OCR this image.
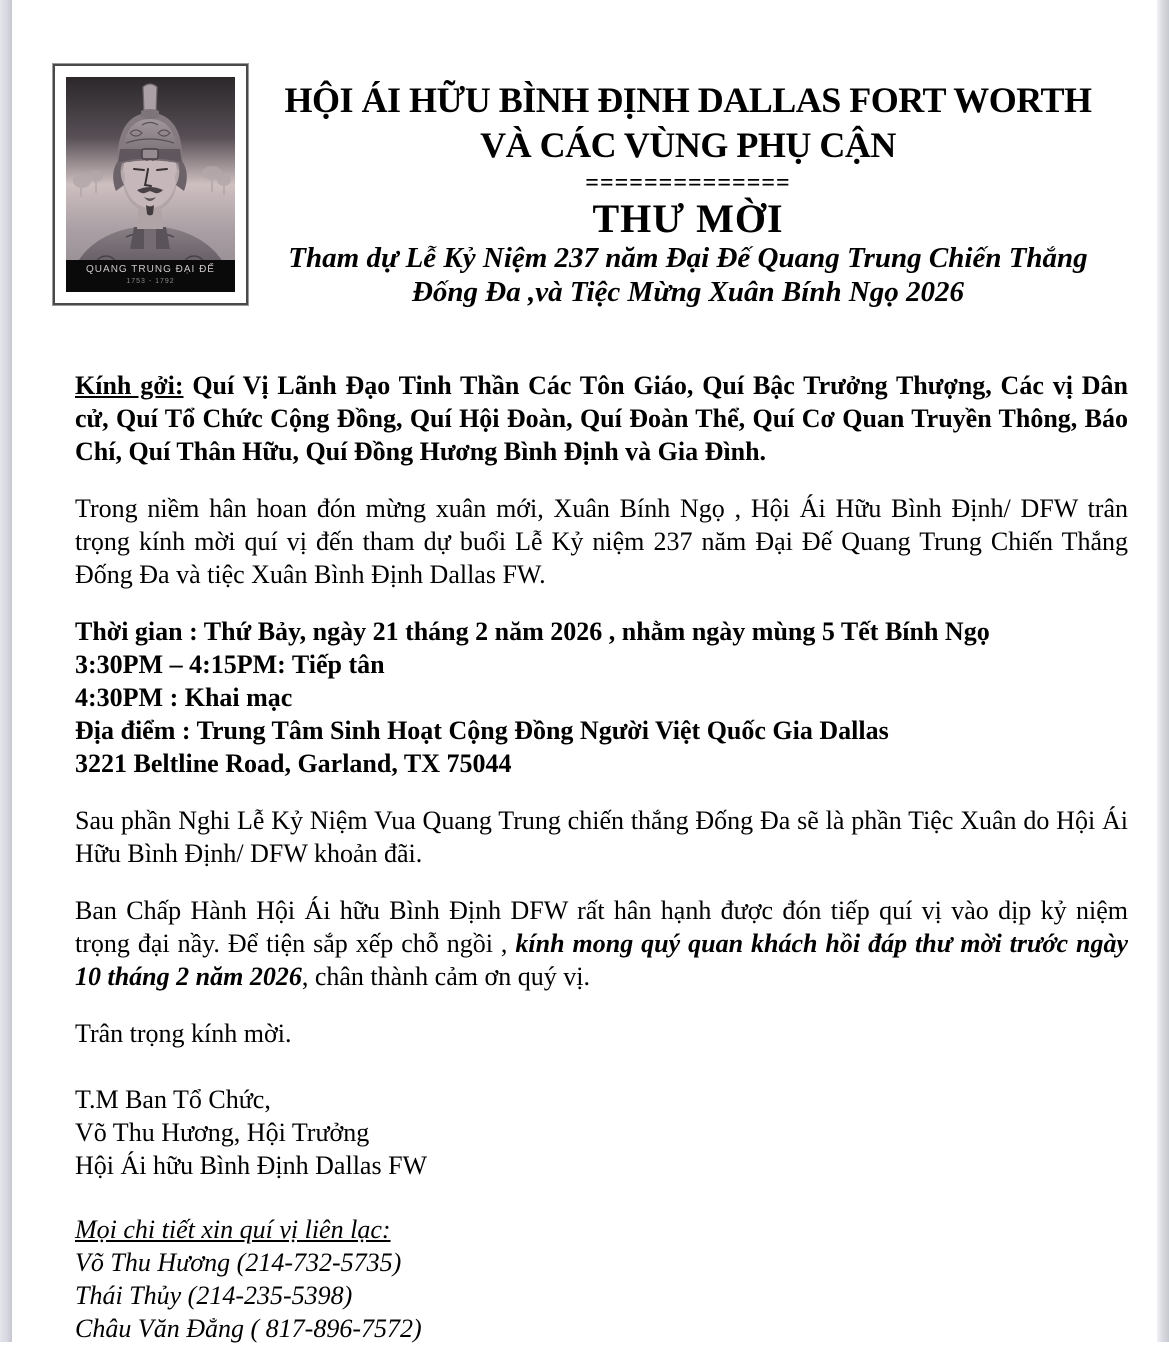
QUANG TRUNG ĐẠI ĐẾ
1753 - 1792
HỘI ÁI HỮU BÌNH ĐỊNH DALLAS FORT WORTH
VÀ CÁC VÙNG PHỤ CẬN
==============
THƯ MỜI
Tham dự Lễ Kỷ Niệm 237 năm Đại Đế Quang Trung Chiến Thắng
Đống Đa ,và Tiệc Mừng Xuân Bính Ngọ 2026

Kính gởi: Quí Vị Lãnh Đạo Tinh Thần Các Tôn Giáo, Quí Bậc Trưởng Thượng, Các vị Dân cử, Quí Tổ Chức Cộng Đồng, Quí Hội Đoàn, Quí Đoàn Thể, Quí Cơ Quan Truyền Thông, Báo Chí, Quí Thân Hữu, Quí Đồng Hương Bình Định và Gia Đình.

Trong niềm hân hoan đón mừng xuân mới, Xuân Bính Ngọ , Hội Ái Hữu Bình Định/ DFW trân trọng kính mời quí vị đến tham dự buổi Lễ Kỷ niệm 237 năm Đại Đế Quang Trung Chiến Thắng Đống Đa và tiệc Xuân Bình Định Dallas FW.

Thời gian : Thứ Bảy, ngày 21 tháng 2 năm 2026 , nhằm ngày mùng 5 Tết Bính Ngọ
3:30PM – 4:15PM: Tiếp tân
4:30PM : Khai mạc
Địa điểm : Trung Tâm Sinh Hoạt Cộng Đồng Người Việt Quốc Gia Dallas
3221 Beltline Road, Garland, TX 75044

Sau phần Nghi Lễ Kỷ Niệm Vua Quang Trung chiến thắng Đống Đa sẽ là phần Tiệc Xuân do Hội Ái Hữu Bình Định/ DFW khoản đãi.

Ban Chấp Hành Hội Ái hữu Bình Định DFW rất hân hạnh được đón tiếp quí vị vào dịp kỷ niệm trọng đại nầy. Để tiện sắp xếp chỗ ngồi , kính mong quý quan khách hồi đáp thư mời trước ngày 10 tháng 2 năm 2026, chân thành cảm ơn quý vị.

Trân trọng kính mời.

T.M Ban Tổ Chức,
Võ Thu Hương, Hội Trưởng
Hội Ái hữu Bình Định Dallas FW
Mọi chi tiết xin quí vị liên lạc:
Võ Thu Hương (214-732-5735)
Thái Thủy (214-235-5398)
Châu Văn Đẳng ( 817-896-7572)
